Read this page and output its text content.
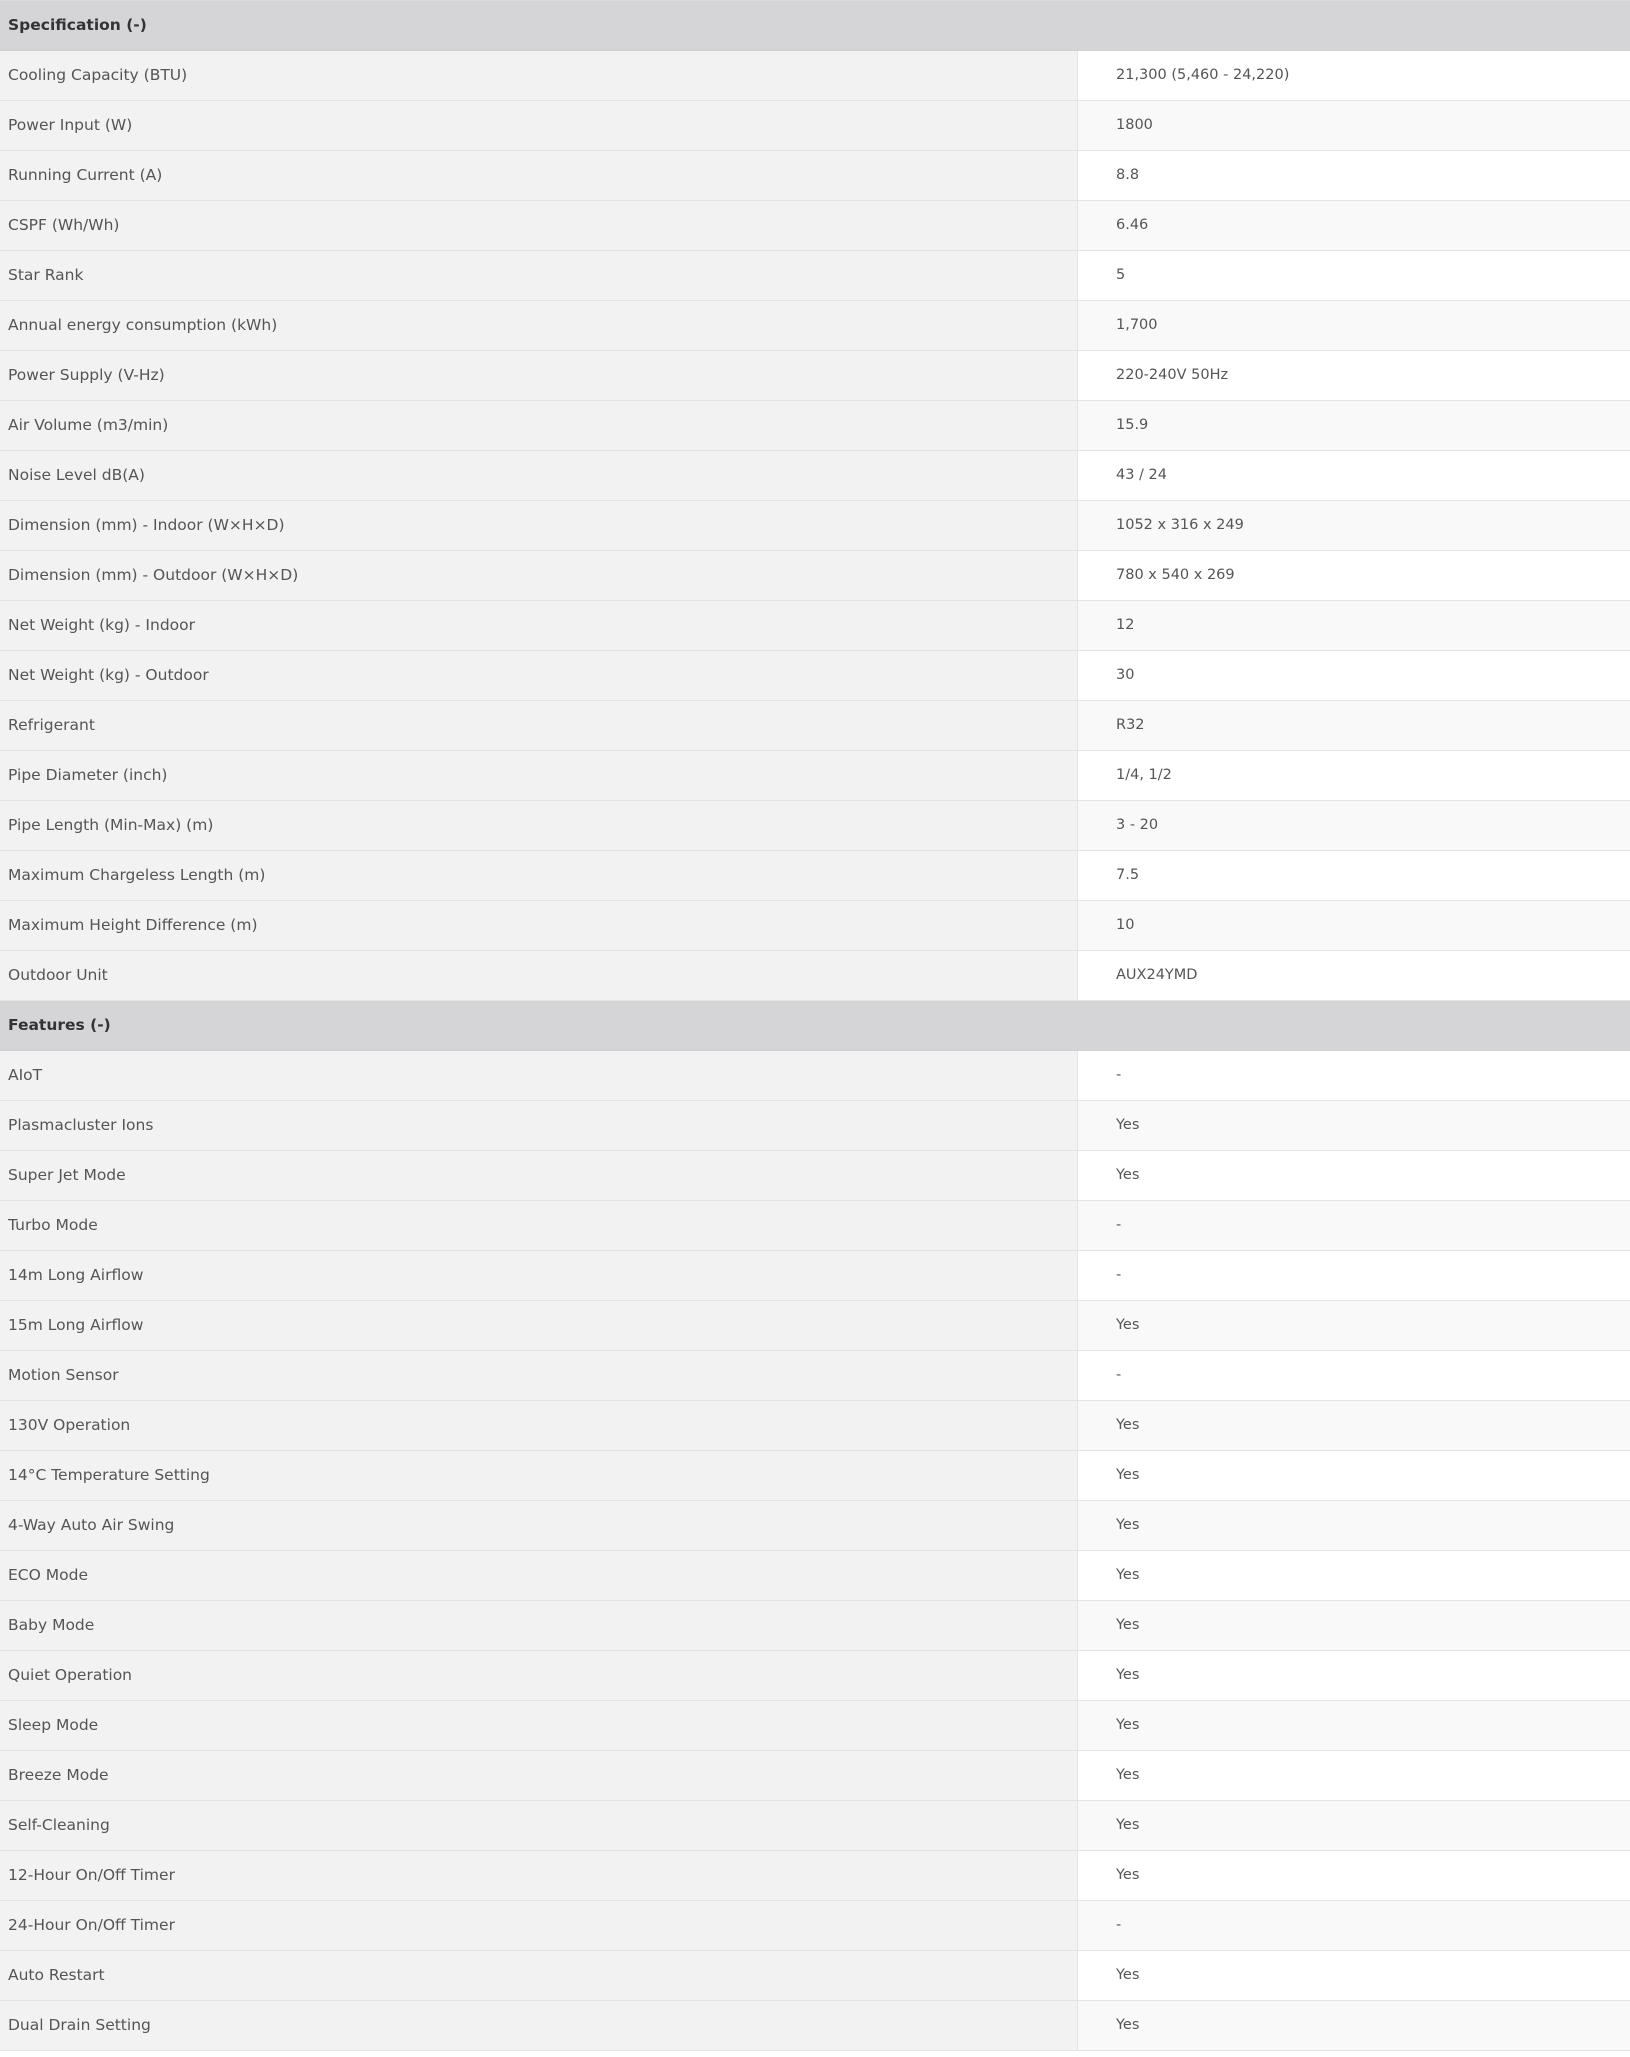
Specification (-)
Cooling Capacity (BTU)	21,300 (5,460 - 24,220)
Power Input (W)	1800
Running Current (A)	8.8
CSPF (Wh/Wh)	6.46
Star Rank	5
Annual energy consumption (kWh)	1,700
Power Supply (V-Hz)	220-240V 50Hz
Air Volume (m3/min)	15.9
Noise Level dB(A)	43 / 24
Dimension (mm) - Indoor (W×H×D)	1052 x 316 x 249
Dimension (mm) - Outdoor (W×H×D)	780 x 540 x 269
Net Weight (kg) - Indoor	12
Net Weight (kg) - Outdoor	30
Refrigerant	R32
Pipe Diameter (inch)	1/4, 1/2
Pipe Length (Min-Max) (m)	3 - 20
Maximum Chargeless Length (m)	7.5
Maximum Height Difference (m)	10
Outdoor Unit	AUX24YMD
Features (-)
AIoT	-
Plasmacluster Ions	Yes
Super Jet Mode	Yes
Turbo Mode	-
14m Long Airflow	-
15m Long Airflow	Yes
Motion Sensor	-
130V Operation	Yes
14°C Temperature Setting	Yes
4-Way Auto Air Swing	Yes
ECO Mode	Yes
Baby Mode	Yes
Quiet Operation	Yes
Sleep Mode	Yes
Breeze Mode	Yes
Self-Cleaning	Yes
12-Hour On/Off Timer	Yes
24-Hour On/Off Timer	-
Auto Restart	Yes
Dual Drain Setting	Yes
